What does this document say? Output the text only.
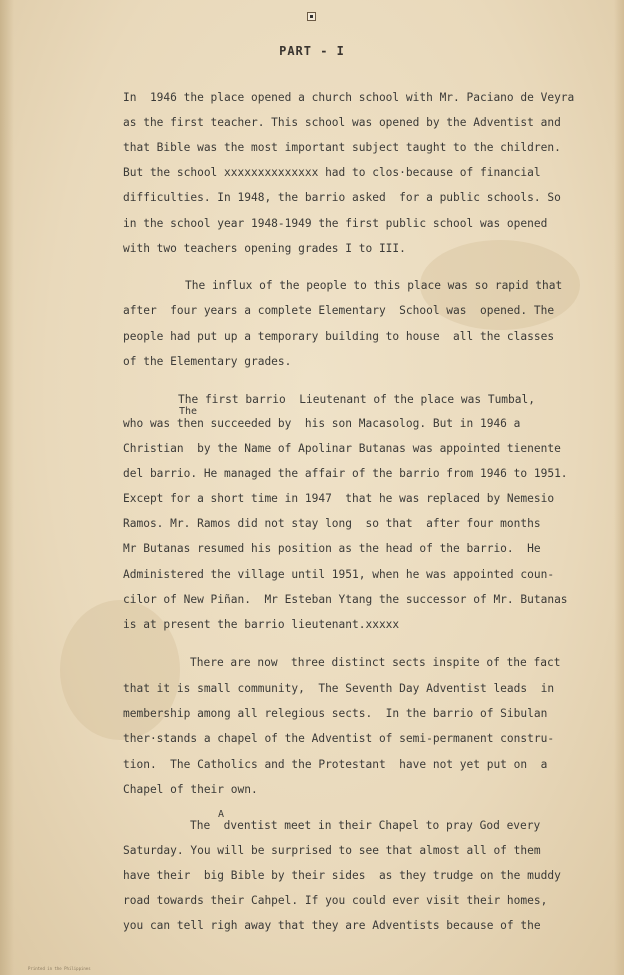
PART - I
In  1946 the place opened a church school with Mr. Paciano de Veyra
as the first teacher. This school was opened by the Adventist and
that Bible was the most important subject taught to the children.
But the school xxxxxxxxxxxxxx had to clos·because of financial
difficulties. In 1948, the barrio asked  for a public schools. So
in the school year 1948-1949 the first public school was opened
with two teachers opening grades I to III.
The influx of the people to this place was so rapid that
after  four years a complete Elementary  School was  opened. The
people had put up a temporary building to house  all the classes
of the Elementary grades.
The first barrio  Lieutenant of the place was Tumbal,
The
who was then succeeded by  his son Macasolog. But in 1946 a
Christian  by the Name of Apolinar Butanas was appointed tienente
del barrio. He managed the affair of the barrio from 1946 to 1951.
Except for a short time in 1947  that he was replaced by Nemesio
Ramos. Mr. Ramos did not stay long  so that  after four months
Mr Butanas resumed his position as the head of the barrio.  He
Administered the village until 1951, when he was appointed coun-
cilor of New Piñan.  Mr Esteban Ytang the successor of Mr. Butanas
is at present the barrio lieutenant.xxxxx
There are now  three distinct sects inspite of the fact
that it is small community,  The Seventh Day Adventist leads  in
membership among all relegious sects.  In the barrio of Sibulan
ther·stands a chapel of the Adventist of semi-permanent constru-
tion.  The Catholics and the Protestant  have not yet put on  a
Chapel of their own.
A
The  dventist meet in their Chapel to pray God every
Saturday. You will be surprised to see that almost all of them
have their  big Bible by their sides  as they trudge on the muddy
road towards their Cahpel. If you could ever visit their homes,
you can tell righ away that they are Adventists because of the
Printed in the Philippines
